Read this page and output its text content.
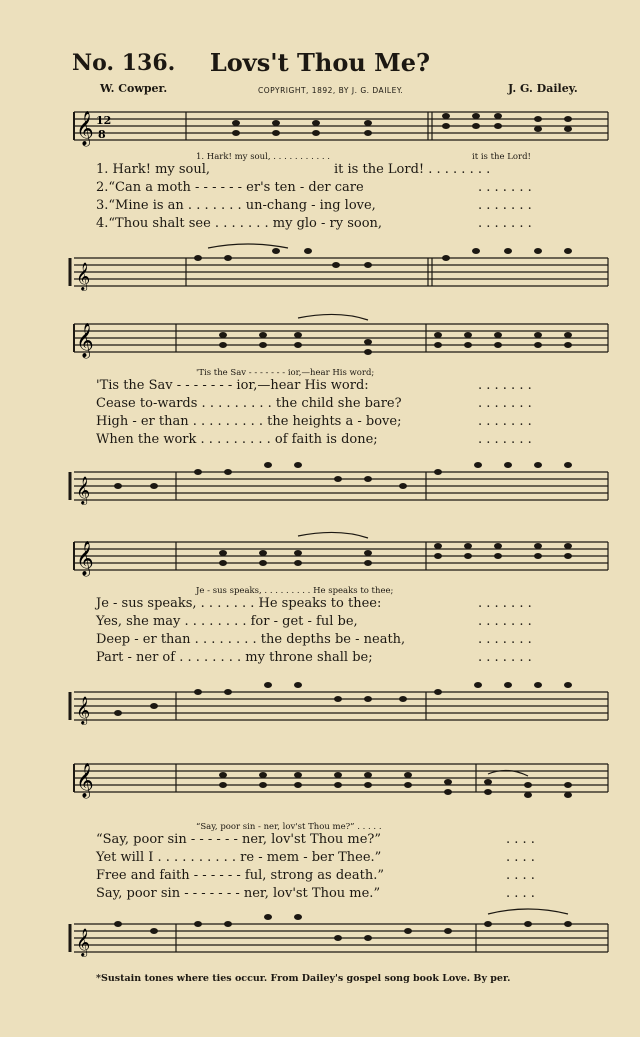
No. 136.	Lovs't Thou Me?
W. Cowper.	COPYRIGHT, 1892, BY J. G. DAILEY.	J. G. Dailey.
𝄞 12
8
1. Hark! my soul, . . . . . . . . . . .	it is the Lord!
1. Hark! my soul,	it is the Lord! . . . . . . . .
2.“Can a moth - - - - - - er's ten - der care	. . . . . . .
3.“Mine is an . . . . . . . un-chang - ing love,	. . . . . . .
4.“Thou shalt see . . . . . . . my glo - ry soon,	. . . . . . .
𝄞
𝄞
'Tis the Sav - - - - - - - ior,—hear His word;
'Tis the Sav - - - - - - - ior,—hear His word:	. . . . . . .
Cease to-wards . . . . . . . . . the child she bare?	. . . . . . .
High - er than . . . . . . . . . the heights a - bove;	. . . . . . .
When the work . . . . . . . . . of faith is done;	. . . . . . .
𝄞
𝄞
Je - sus speaks, . . . . . . . . . He speaks to thee;
Je - sus speaks, . . . . . . . He speaks to thee:	. . . . . . .
Yes, she may . . . . . . . . for - get - ful be,	. . . . . . .
Deep - er than . . . . . . . . the depths be - neath,	. . . . . . .
Part - ner of . . . . . . . . my throne shall be;	. . . . . . .
𝄞
𝄞
“Say, poor sin - ner, lov'st Thou me?” . . . . .
“Say, poor sin - - - - - - ner, lov'st Thou me?”	. . . .
Yet will I . . . . . . . . . . re - mem - ber Thee.”	. . . .
Free and faith - - - - - - ful, strong as death.”	. . . .
Say, poor sin - - - - - - - ner, lov'st Thou me.”	. . . .
𝄞
*Sustain tones where ties occur. From Dailey's gospel song book Love. By per.
